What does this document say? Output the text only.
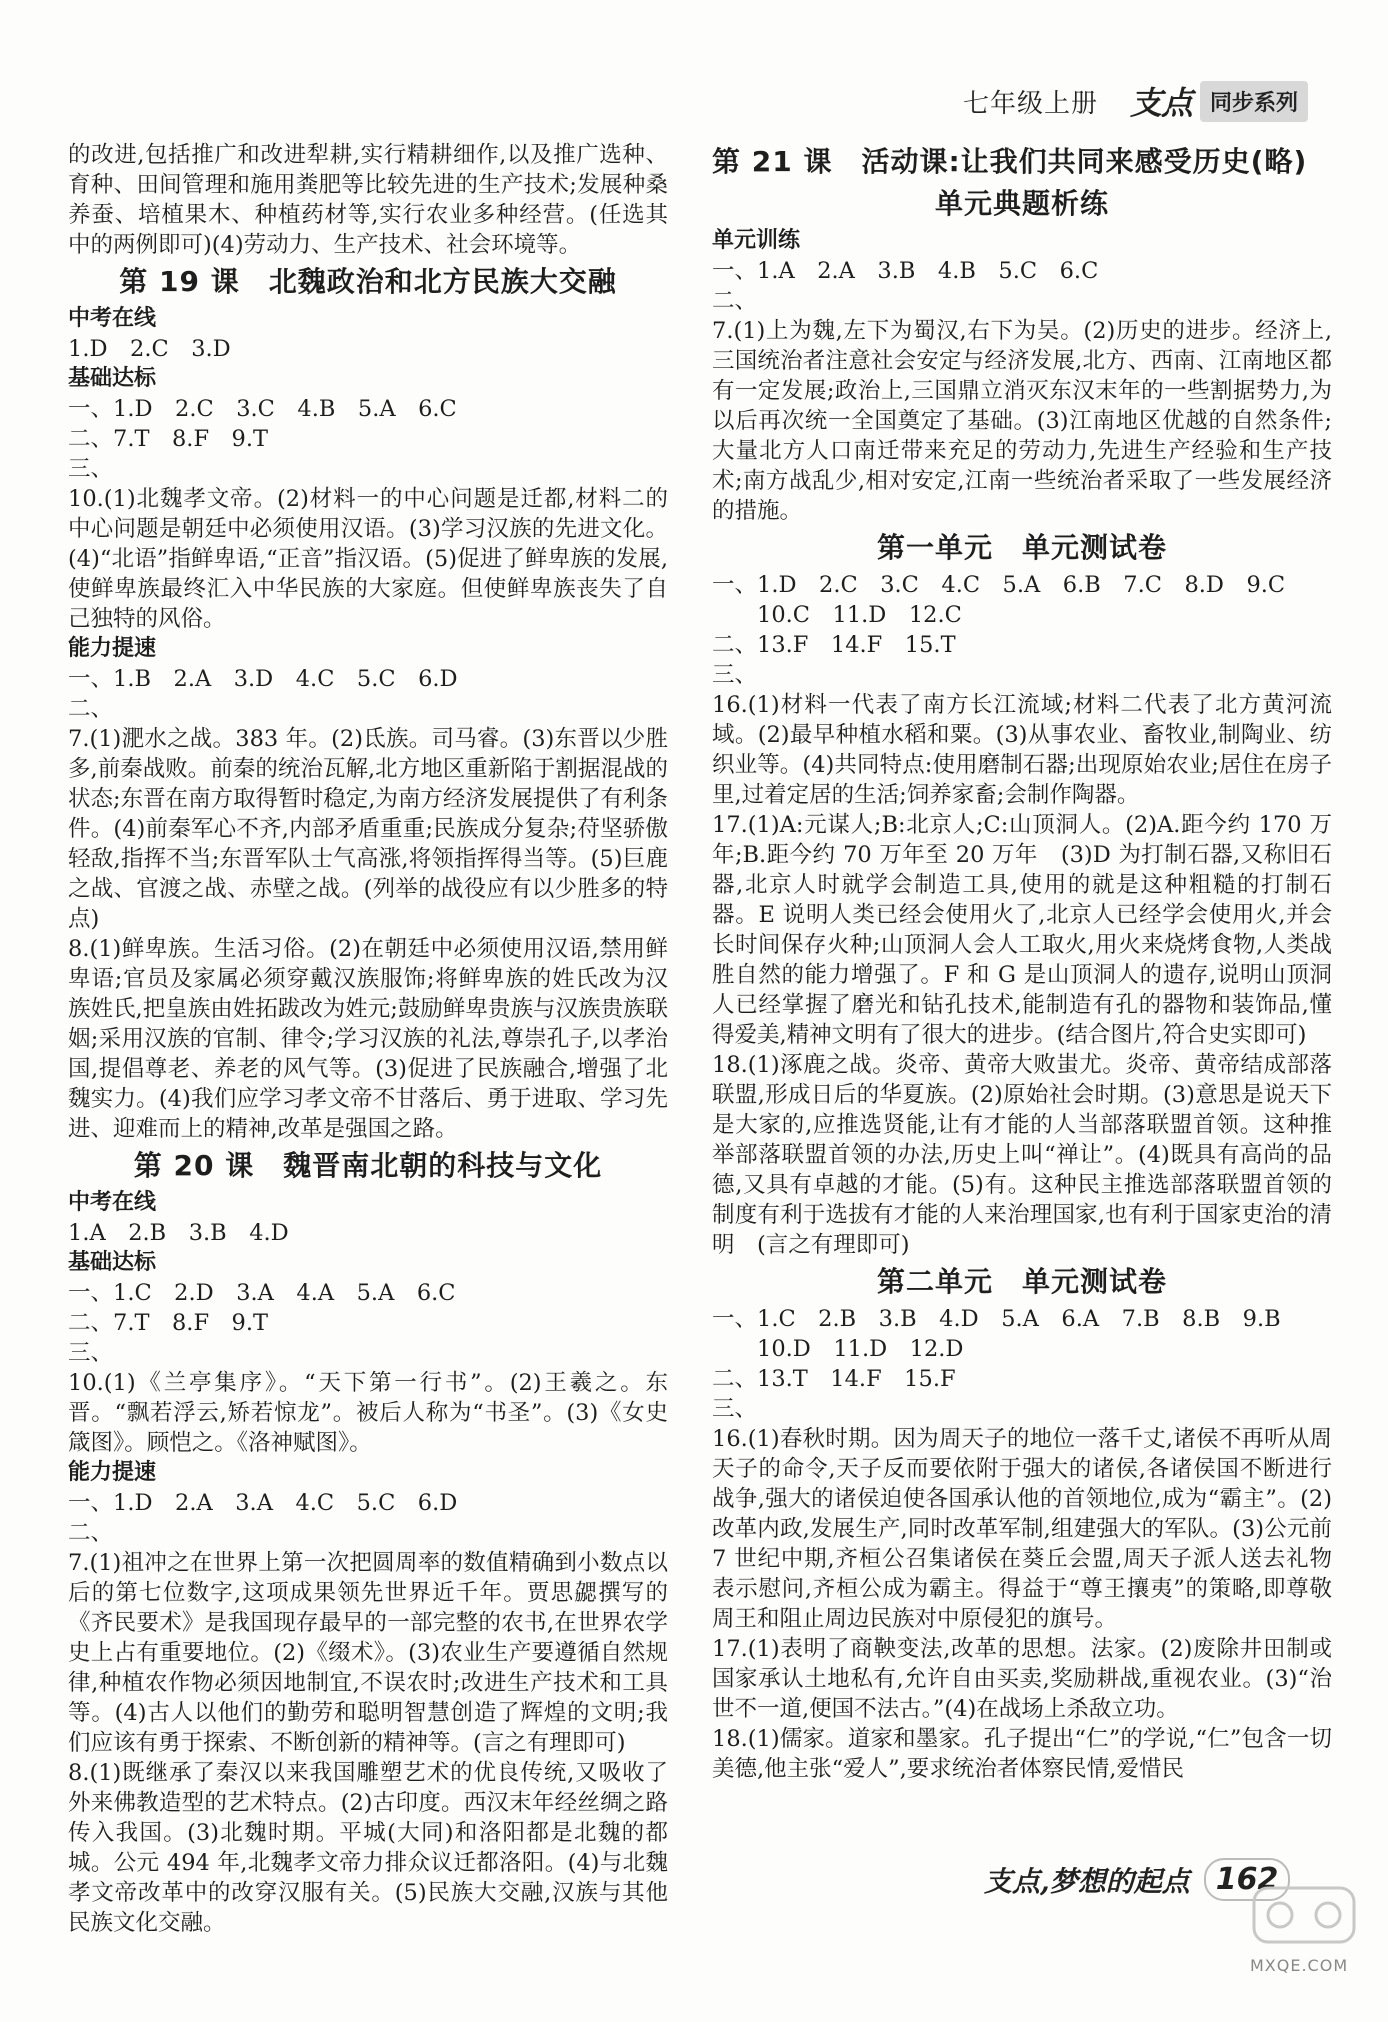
七年级上册 支点 同步系列
的改进,包括推广和改进犁耕,实行精耕细作,以及推广选种、育种、田间管理和施用粪肥等比较先进的生产技术;发展种桑养蚕、培植果木、种植药材等,实行农业多种经营。(任选其中的两例即可)(4)劳动力、生产技术、社会环境等。
第 19 课　北魏政治和北方民族大交融
中考在线
1.D　2.C　3.D
基础达标
一、1.D　2.C　3.C　4.B　5.A　6.C
二、7.T　8.F　9.T
三、
10.(1)北魏孝文帝。(2)材料一的中心问题是迁都,材料二的中心问题是朝廷中必须使用汉语。(3)学习汉族的先进文化。(4)“北语”指鲜卑语,“正音”指汉语。(5)促进了鲜卑族的发展,使鲜卑族最终汇入中华民族的大家庭。但使鲜卑族丧失了自己独特的风俗。
能力提速
一、1.B　2.A　3.D　4.C　5.C　6.D
二、
7.(1)淝水之战。383 年。(2)氐族。司马睿。(3)东晋以少胜多,前秦战败。前秦的统治瓦解,北方地区重新陷于割据混战的状态;东晋在南方取得暂时稳定,为南方经济发展提供了有利条件。(4)前秦军心不齐,内部矛盾重重;民族成分复杂;苻坚骄傲轻敌,指挥不当;东晋军队士气高涨,将领指挥得当等。(5)巨鹿之战、官渡之战、赤壁之战。(列举的战役应有以少胜多的特点)
8.(1)鲜卑族。生活习俗。(2)在朝廷中必须使用汉语,禁用鲜卑语;官员及家属必须穿戴汉族服饰;将鲜卑族的姓氏改为汉族姓氏,把皇族由姓拓跋改为姓元;鼓励鲜卑贵族与汉族贵族联姻;采用汉族的官制、律令;学习汉族的礼法,尊崇孔子,以孝治国,提倡尊老、养老的风气等。(3)促进了民族融合,增强了北魏实力。(4)我们应学习孝文帝不甘落后、勇于进取、学习先进、迎难而上的精神,改革是强国之路。
第 20 课　魏晋南北朝的科技与文化
中考在线
1.A　2.B　3.B　4.D
基础达标
一、1.C　2.D　3.A　4.A　5.A　6.C
二、7.T　8.F　9.T
三、
10.(1)《兰亭集序》。“天下第一行书”。(2)王羲之。东晋。“飘若浮云,矫若惊龙”。被后人称为“书圣”。(3)《女史箴图》。顾恺之。《洛神赋图》。
能力提速
一、1.D　2.A　3.A　4.C　5.C　6.D
二、
7.(1)祖冲之在世界上第一次把圆周率的数值精确到小数点以后的第七位数字,这项成果领先世界近千年。贾思勰撰写的《齐民要术》是我国现存最早的一部完整的农书,在世界农学史上占有重要地位。(2)《缀术》。(3)农业生产要遵循自然规律,种植农作物必须因地制宜,不误农时;改进生产技术和工具等。(4)古人以他们的勤劳和聪明智慧创造了辉煌的文明;我们应该有勇于探索、不断创新的精神等。(言之有理即可)
8.(1)既继承了秦汉以来我国雕塑艺术的优良传统,又吸收了外来佛教造型的艺术特点。(2)古印度。西汉末年经丝绸之路传入我国。(3)北魏时期。平城(大同)和洛阳都是北魏的都城。公元 494 年,北魏孝文帝力排众议迁都洛阳。(4)与北魏孝文帝改革中的改穿汉服有关。(5)民族大交融,汉族与其他民族文化交融。
第 21 课　活动课:让我们共同来感受历史(略)
单元典题析练
单元训练
一、1.A　2.A　3.B　4.B　5.C　6.C
二、
7.(1)上为魏,左下为蜀汉,右下为吴。(2)历史的进步。经济上,三国统治者注意社会安定与经济发展,北方、西南、江南地区都有一定发展;政治上,三国鼎立消灭东汉末年的一些割据势力,为以后再次统一全国奠定了基础。(3)江南地区优越的自然条件;大量北方人口南迁带来充足的劳动力,先进生产经验和生产技术;南方战乱少,相对安定,江南一些统治者采取了一些发展经济的措施。
第一单元　单元测试卷
一、1.D　2.C　3.C　4.C　5.A　6.B　7.C　8.D　9.C
　　10.C　11.D　12.C
二、13.F　14.F　15.T
三、
16.(1)材料一代表了南方长江流域;材料二代表了北方黄河流域。(2)最早种植水稻和粟。(3)从事农业、畜牧业,制陶业、纺织业等。(4)共同特点:使用磨制石器;出现原始农业;居住在房子里,过着定居的生活;饲养家畜;会制作陶器。
17.(1)A:元谋人;B:北京人;C:山顶洞人。(2)A.距今约 170 万年;B.距今约 70 万年至 20 万年　(3)D 为打制石器,又称旧石器,北京人时就学会制造工具,使用的就是这种粗糙的打制石器。E 说明人类已经会使用火了,北京人已经学会使用火,并会长时间保存火种;山顶洞人会人工取火,用火来烧烤食物,人类战胜自然的能力增强了。F 和 G 是山顶洞人的遗存,说明山顶洞人已经掌握了磨光和钻孔技术,能制造有孔的器物和装饰品,懂得爱美,精神文明有了很大的进步。(结合图片,符合史实即可)
18.(1)涿鹿之战。炎帝、黄帝大败蚩尤。炎帝、黄帝结成部落联盟,形成日后的华夏族。(2)原始社会时期。(3)意思是说天下是大家的,应推选贤能,让有才能的人当部落联盟首领。这种推举部落联盟首领的办法,历史上叫“禅让”。(4)既具有高尚的品德,又具有卓越的才能。(5)有。这种民主推选部落联盟首领的制度有利于选拔有才能的人来治理国家,也有利于国家吏治的清明　(言之有理即可)
第二单元　单元测试卷
一、1.C　2.B　3.B　4.D　5.A　6.A　7.B　8.B　9.B
　　10.D　11.D　12.D
二、13.T　14.F　15.F
三、
16.(1)春秋时期。因为周天子的地位一落千丈,诸侯不再听从周天子的命令,天子反而要依附于强大的诸侯,各诸侯国不断进行战争,强大的诸侯迫使各国承认他的首领地位,成为“霸主”。(2)改革内政,发展生产,同时改革军制,组建强大的军队。(3)公元前 7 世纪中期,齐桓公召集诸侯在葵丘会盟,周天子派人送去礼物表示慰问,齐桓公成为霸主。得益于“尊王攘夷”的策略,即尊敬周王和阻止周边民族对中原侵犯的旗号。
17.(1)表明了商鞅变法,改革的思想。法家。(2)废除井田制或国家承认土地私有,允许自由买卖,奖励耕战,重视农业。(3)“治世不一道,便国不法古。”(4)在战场上杀敌立功。
18.(1)儒家。道家和墨家。孔子提出“仁”的学说,“仁”包含一切美德,他主张“爱人”,要求统治者体察民情,爱惜民
支点,梦想的起点 162
MXQE.COM
